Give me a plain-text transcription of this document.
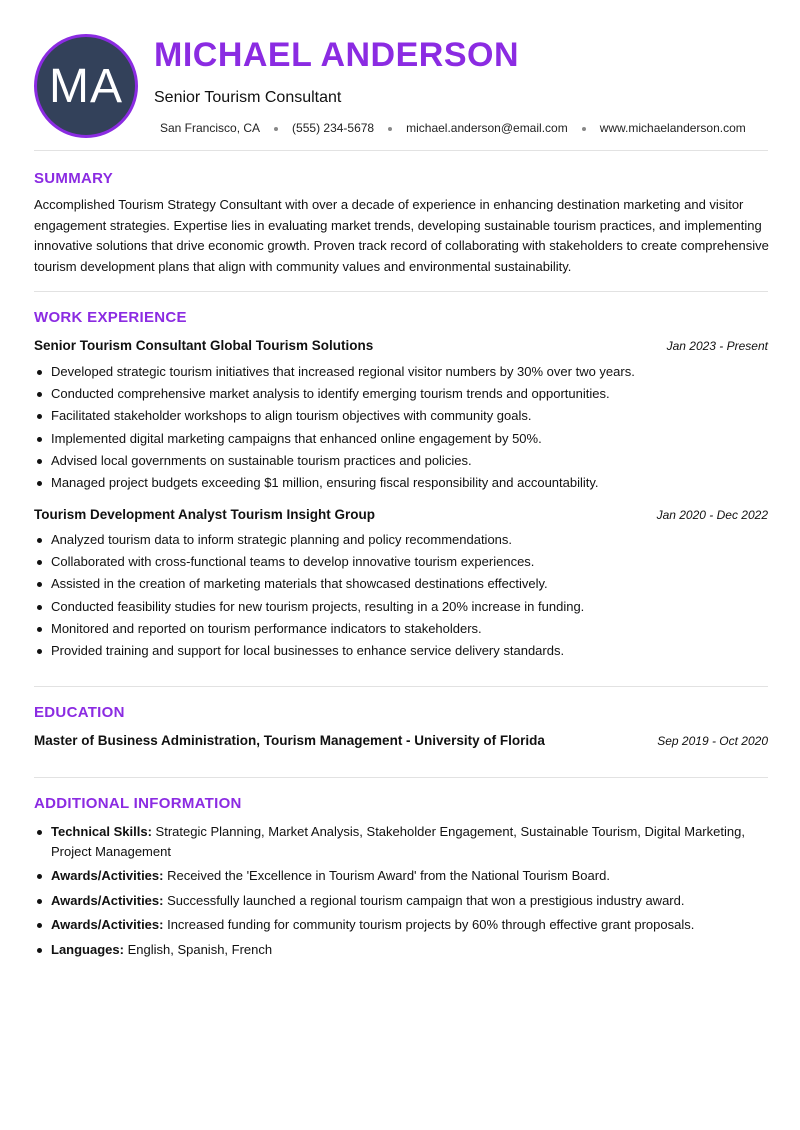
MA
MICHAEL ANDERSON
Senior Tourism Consultant
San Francisco, CA	(555) 234-5678	michael.anderson@email.com	www.michaelanderson.com
SUMMARY

Accomplished Tourism Strategy Consultant with over a decade of experience in enhancing destination marketing and visitor engagement strategies. Expertise lies in evaluating market trends, developing sustainable tourism practices, and implementing innovative solutions that drive economic growth. Proven track record of collaborating with stakeholders to create comprehensive tourism development plans that align with community values and environmental sustainability.

WORK EXPERIENCE
Senior Tourism Consultant Global Tourism Solutions	Jan 2023 - Present
Developed strategic tourism initiatives that increased regional visitor numbers by 30% over two years.
Conducted comprehensive market analysis to identify emerging tourism trends and opportunities.
Facilitated stakeholder workshops to align tourism objectives with community goals.
Implemented digital marketing campaigns that enhanced online engagement by 50%.
Advised local governments on sustainable tourism practices and policies.
Managed project budgets exceeding $1 million, ensuring fiscal responsibility and accountability.
Tourism Development Analyst Tourism Insight Group	Jan 2020 - Dec 2022
Analyzed tourism data to inform strategic planning and policy recommendations.
Collaborated with cross-functional teams to develop innovative tourism experiences.
Assisted in the creation of marketing materials that showcased destinations effectively.
Conducted feasibility studies for new tourism projects, resulting in a 20% increase in funding.
Monitored and reported on tourism performance indicators to stakeholders.
Provided training and support for local businesses to enhance service delivery standards.
EDUCATION
Master of Business Administration, Tourism Management - University of Florida	Sep 2019 - Oct 2020
ADDITIONAL INFORMATION
Technical Skills: Strategic Planning, Market Analysis, Stakeholder Engagement, Sustainable Tourism, Digital Marketing, Project Management
Awards/Activities: Received the 'Excellence in Tourism Award' from the National Tourism Board.
Awards/Activities: Successfully launched a regional tourism campaign that won a prestigious industry award.
Awards/Activities: Increased funding for community tourism projects by 60% through effective grant proposals.
Languages: English, Spanish, French
